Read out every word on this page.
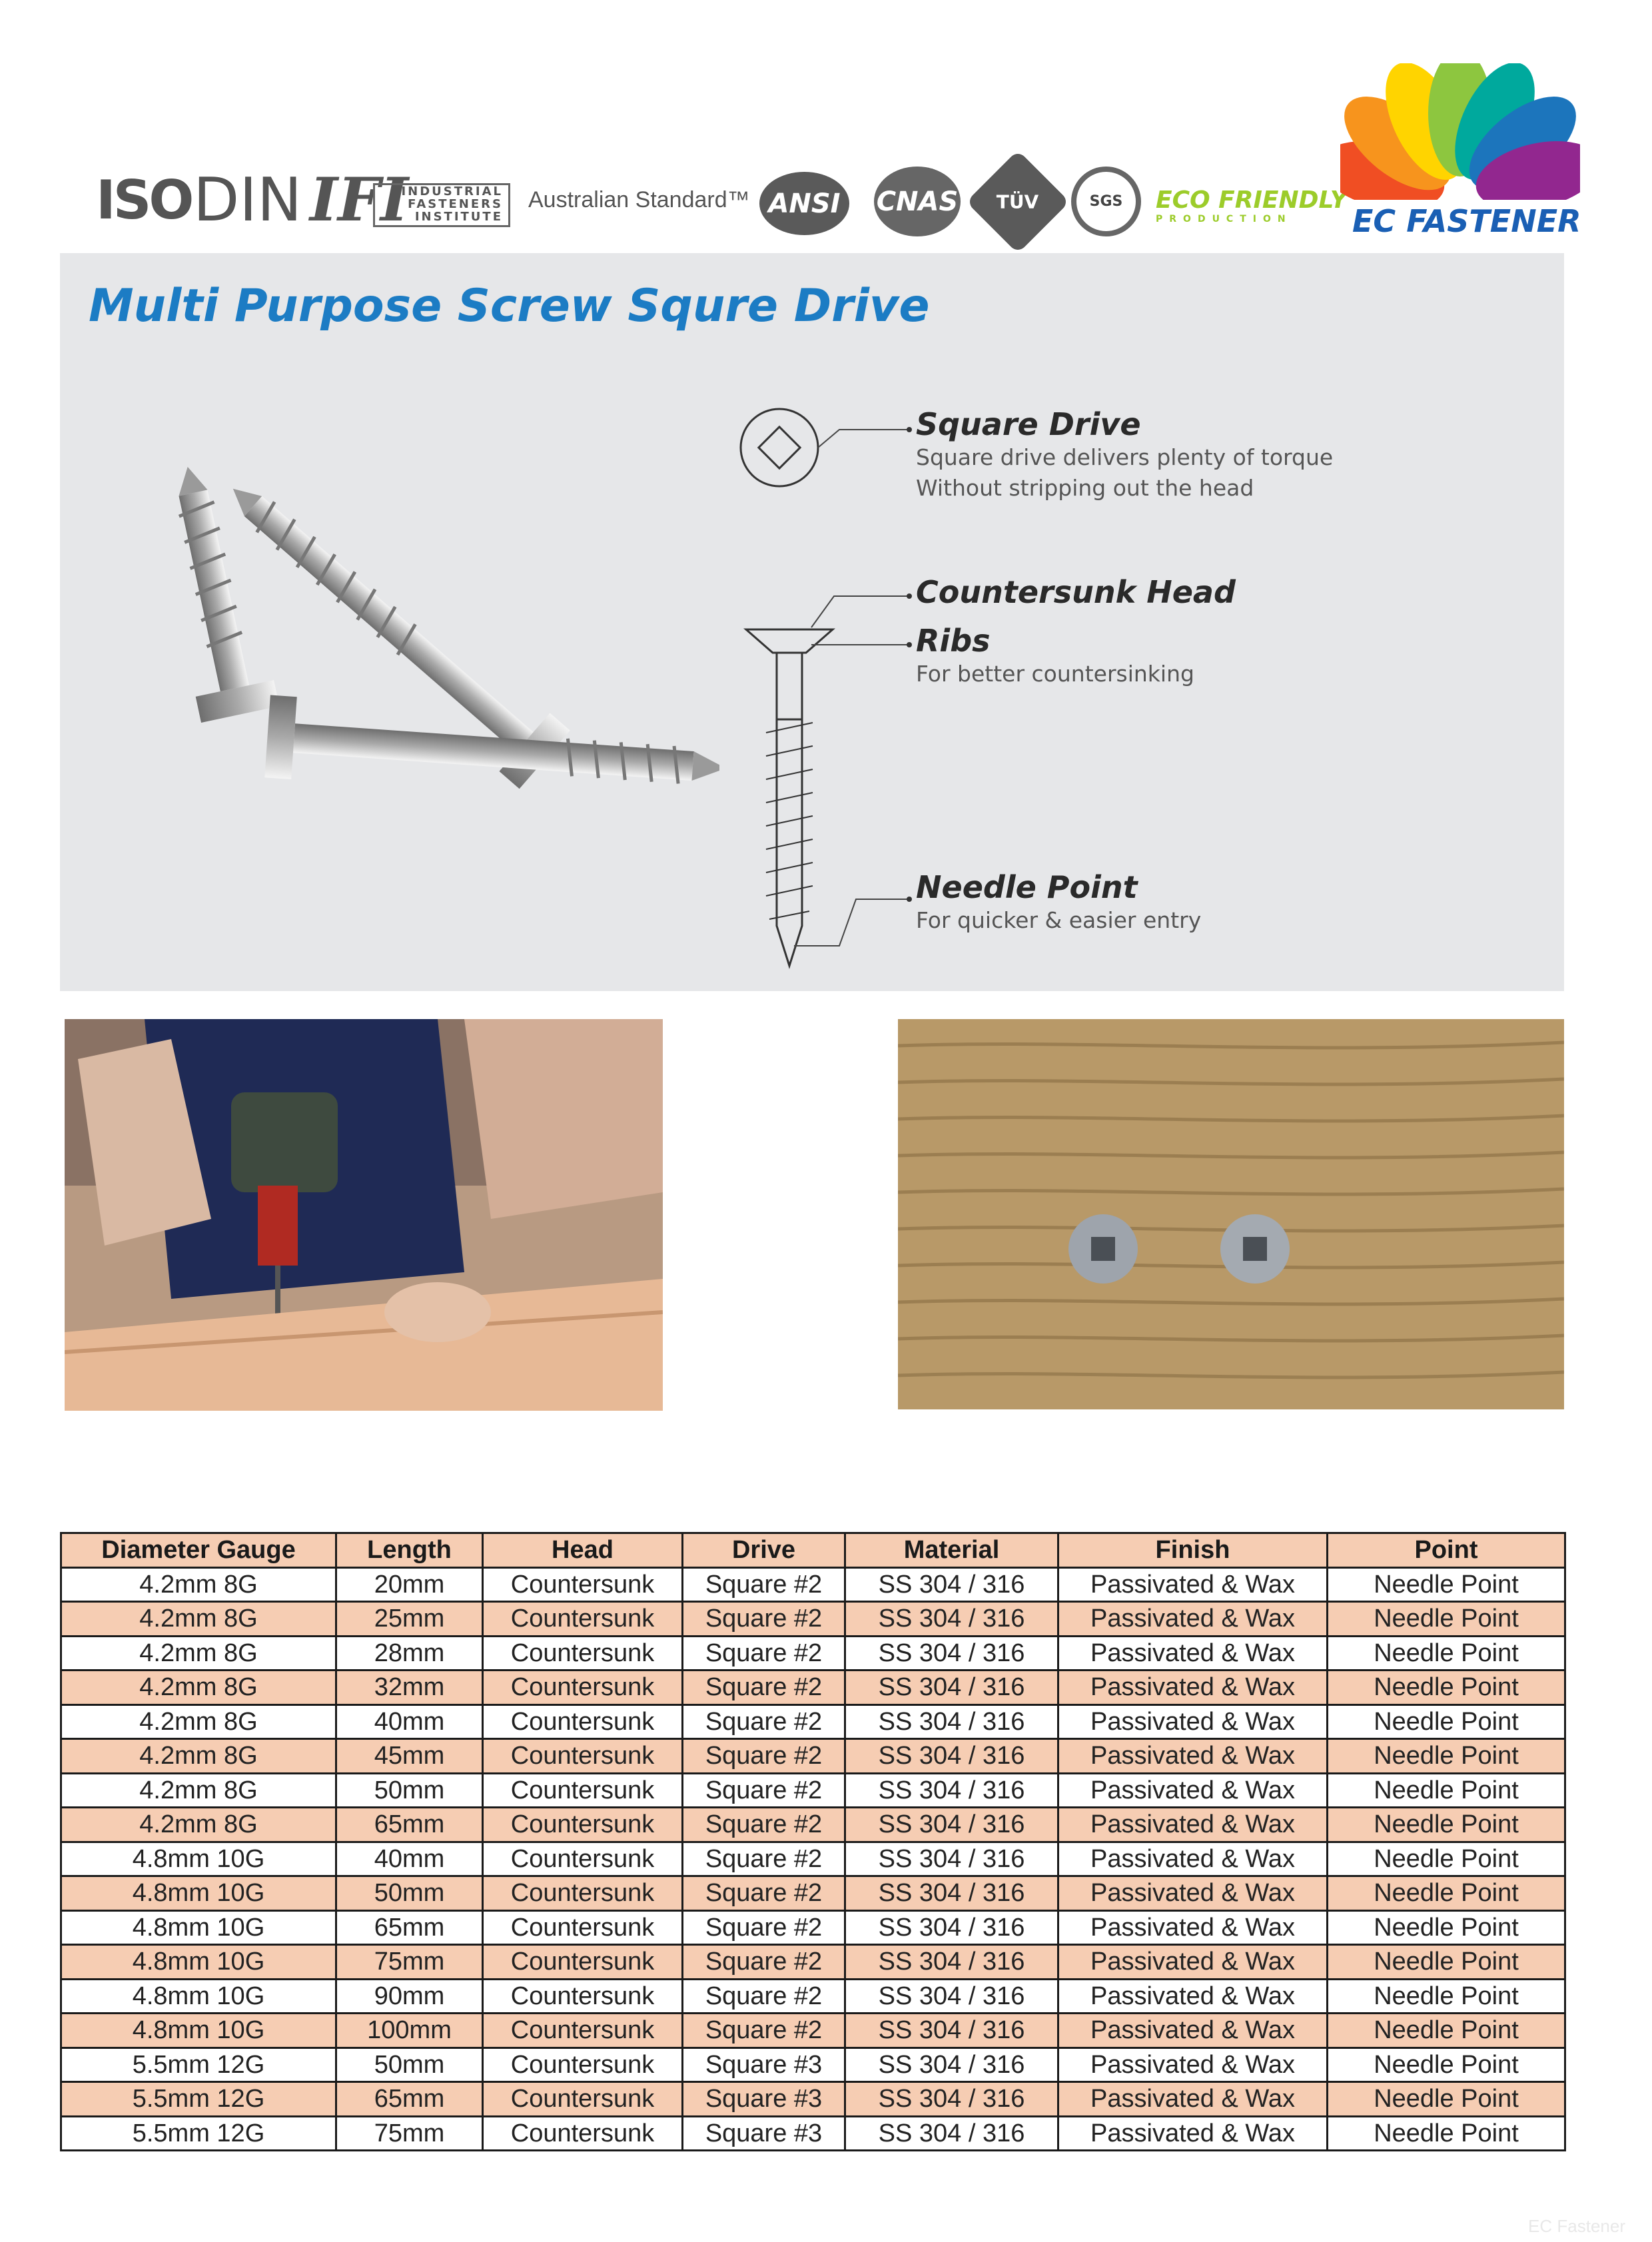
ISO DIN IFI
INDUSTRIAL
FASTENERS
INSTITUTE
Australian Standard™ ANSI	CNAS TÜV	SGS	ECO FRIENDLY
PRODUCTION	EC FASTENER
Multi Purpose Screw Squre Drive
Square Drive
Square drive delivers plenty of torque
Without stripping out the head
Countersunk Head
Ribs
For better countersinking
Needle Point
For quicker & easier entry
Diameter Gauge	Length	Head	Drive	Material	Finish	Point
4.2mm 8G	20mm	Countersunk	Square #2	SS 304 / 316	Passivated & Wax	Needle Point
4.2mm 8G	25mm	Countersunk	Square #2	SS 304 / 316	Passivated & Wax	Needle Point
4.2mm 8G	28mm	Countersunk	Square #2	SS 304 / 316	Passivated & Wax	Needle Point
4.2mm 8G	32mm	Countersunk	Square #2	SS 304 / 316	Passivated & Wax	Needle Point
4.2mm 8G	40mm	Countersunk	Square #2	SS 304 / 316	Passivated & Wax	Needle Point
4.2mm 8G	45mm	Countersunk	Square #2	SS 304 / 316	Passivated & Wax	Needle Point
4.2mm 8G	50mm	Countersunk	Square #2	SS 304 / 316	Passivated & Wax	Needle Point
4.2mm 8G	65mm	Countersunk	Square #2	SS 304 / 316	Passivated & Wax	Needle Point
4.8mm 10G	40mm	Countersunk	Square #2	SS 304 / 316	Passivated & Wax	Needle Point
4.8mm 10G	50mm	Countersunk	Square #2	SS 304 / 316	Passivated & Wax	Needle Point
4.8mm 10G	65mm	Countersunk	Square #2	SS 304 / 316	Passivated & Wax	Needle Point
4.8mm 10G	75mm	Countersunk	Square #2	SS 304 / 316	Passivated & Wax	Needle Point
4.8mm 10G	90mm	Countersunk	Square #2	SS 304 / 316	Passivated & Wax	Needle Point
4.8mm 10G	100mm	Countersunk	Square #2	SS 304 / 316	Passivated & Wax	Needle Point
5.5mm 12G	50mm	Countersunk	Square #3	SS 304 / 316	Passivated & Wax	Needle Point
5.5mm 12G	65mm	Countersunk	Square #3	SS 304 / 316	Passivated & Wax	Needle Point
5.5mm 12G	75mm	Countersunk	Square #3	SS 304 / 316	Passivated & Wax	Needle Point
EC Fastener
